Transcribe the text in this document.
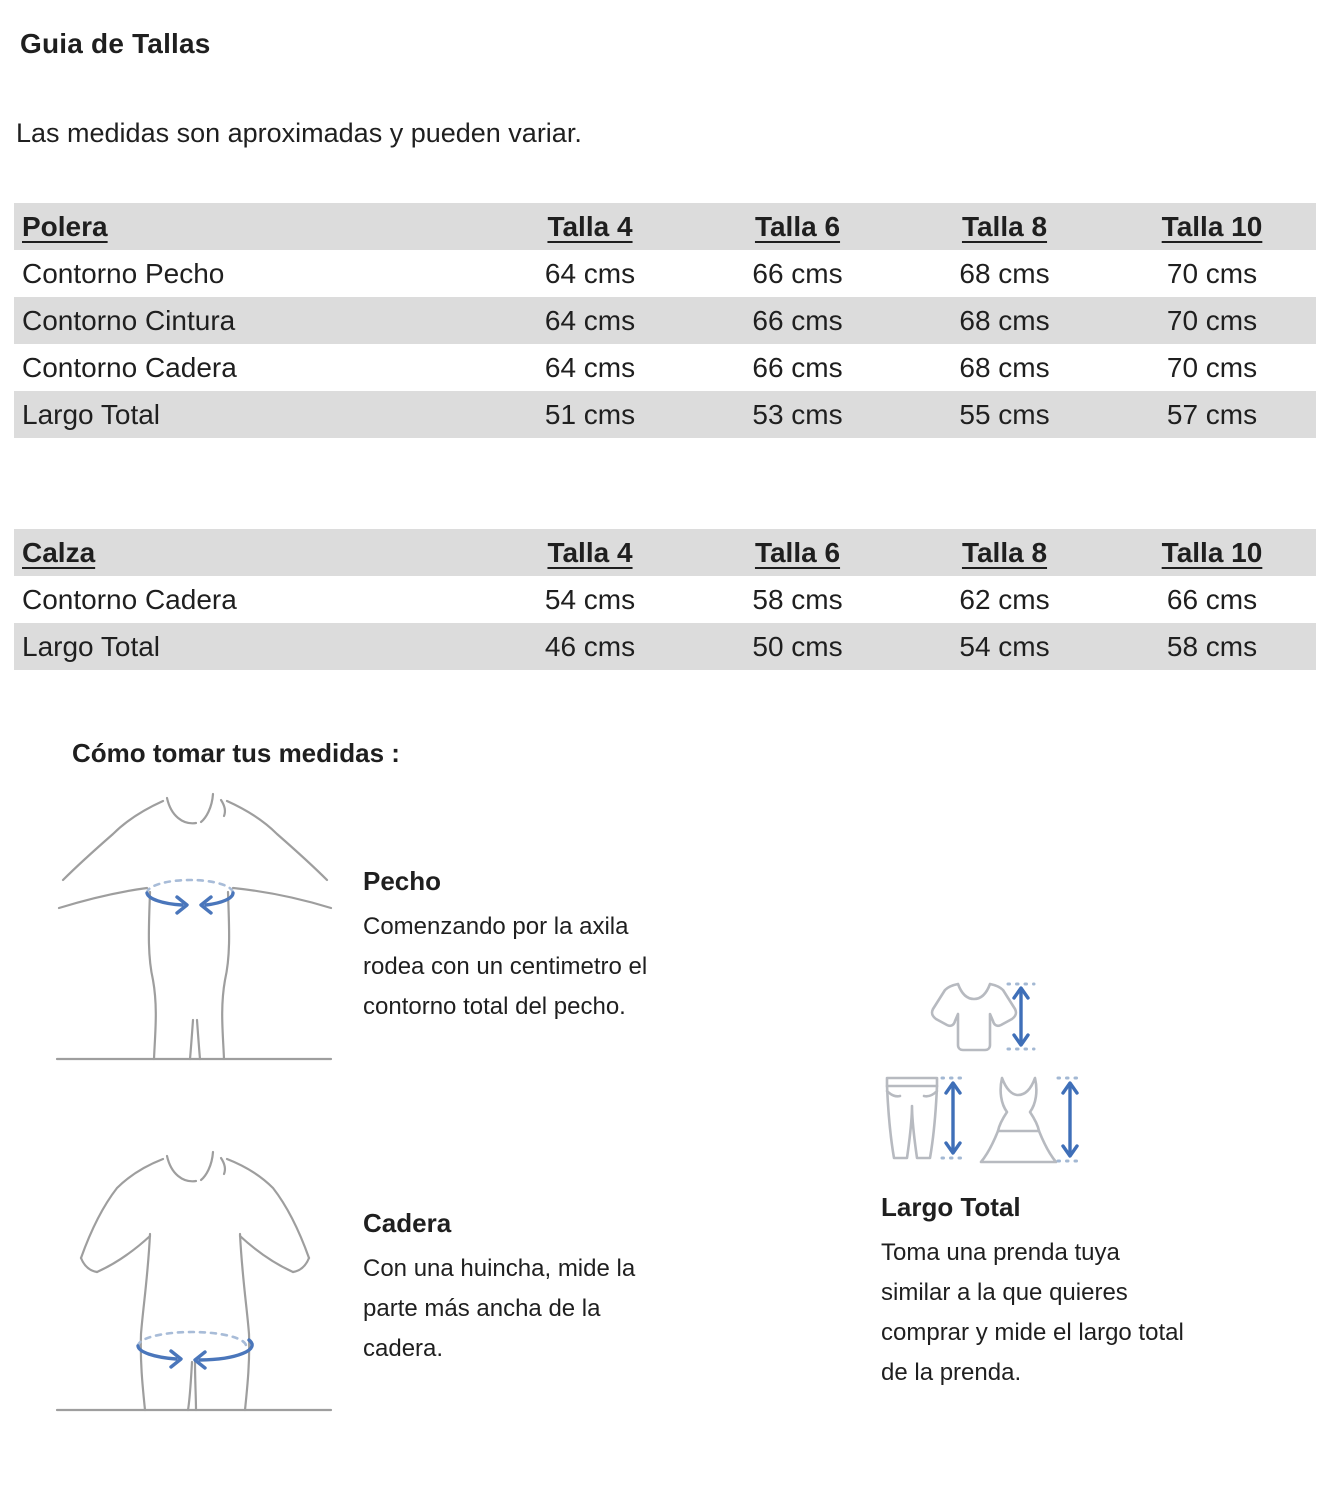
Guia de Tallas
Las medidas son aproximadas y pueden variar.
Polera	Talla 4	Talla 6	Talla 8	Talla 10
Contorno Pecho	64 cms	66 cms	68 cms	70 cms
Contorno Cintura	64 cms	66 cms	68 cms	70 cms
Contorno Cadera	64 cms	66 cms	68 cms	70 cms
Largo Total	51 cms	53 cms	55 cms	57 cms
Calza	Talla 4	Talla 6	Talla 8	Talla 10
Contorno Cadera	54 cms	58 cms	62 cms	66 cms
Largo Total	46 cms	50 cms	54 cms	58 cms
Cómo tomar tus medidas :
Pecho
Comenzando por la axila
rodea con un centimetro el
contorno total del pecho.
Cadera
Con una huincha, mide la
parte más ancha de la
cadera.
Largo Total
Toma una prenda tuya
similar a la que quieres
comprar y mide el largo total
de la prenda.
